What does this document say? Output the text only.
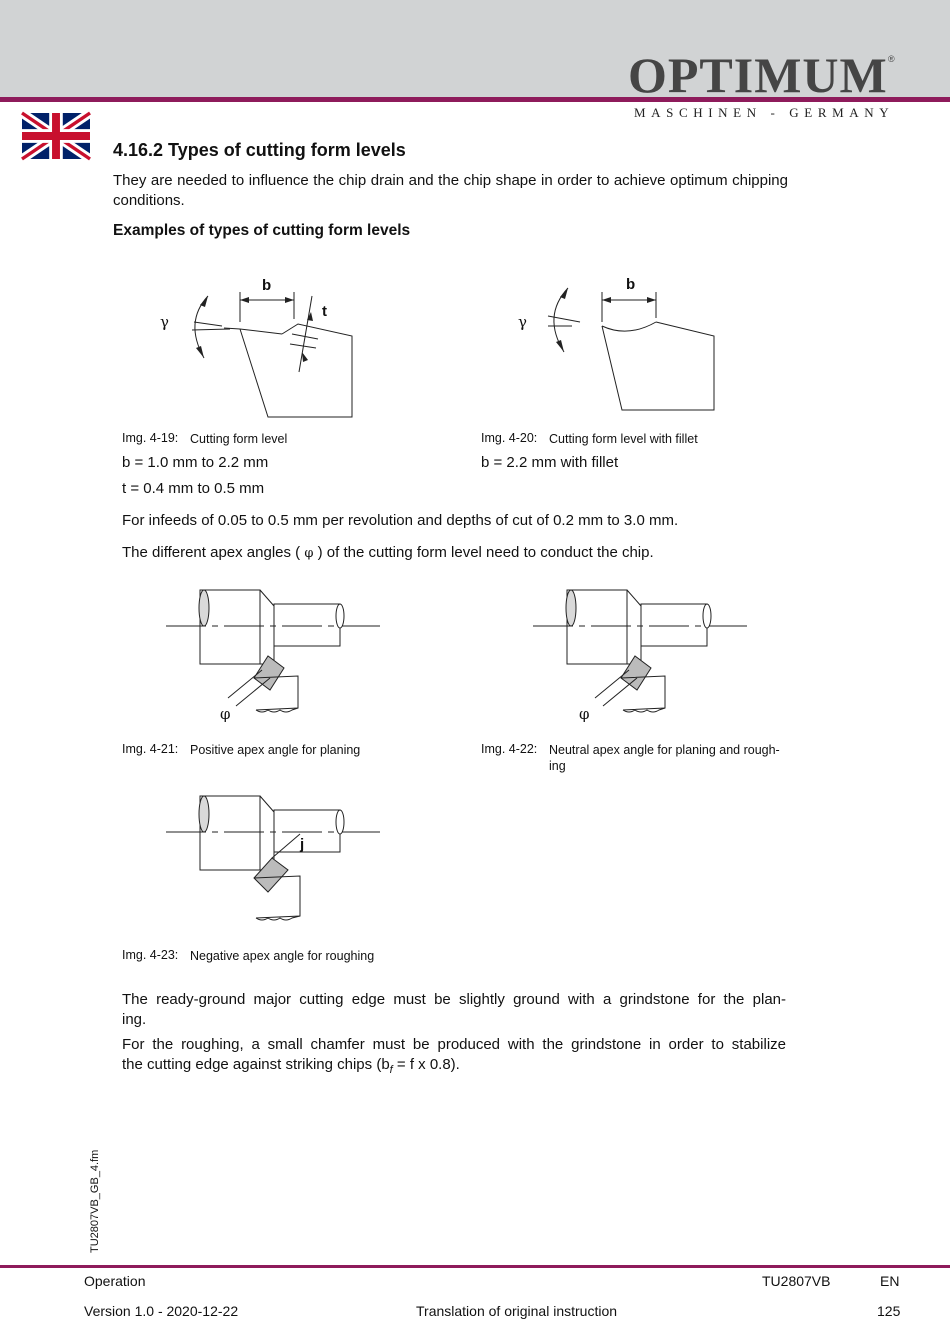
OPTIMUM ®
MASCHINEN - GERMANY
4.16.2 Types of cutting form levels
They are needed to influence the chip drain and the chip shape in order to achieve optimum chipping conditions.
Examples of types of cutting form levels
γ
b
t
γ
b
Img. 4-19: Cutting form level	Img. 4-20: Cutting form level with fillet
b = 1.0 mm to 2.2 mm	b = 2.2 mm with fillet
t = 0.4 mm to 0.5 mm
For infeeds of 0.05 to 0.5 mm per revolution and depths of cut of 0.2 mm to 3.0 mm.
The different apex angles ( φ ) of the cutting form level need to conduct the chip.
φ	φ
Img. 4-21: Positive apex angle for planing	Img. 4-22: Neutral apex angle for planing and rough-
ing
j
Img. 4-23: Negative apex angle for roughing
The ready-ground major cutting edge must be slightly ground with a grindstone for the plan-
ing.
For the roughing, a small chamfer must be produced with the grindstone in order to stabilize
the cutting edge against striking chips ($b_f = f$ x 0.8).
TU2807VB_GB_4.fm
Operation	TU2807VB	EN
Version 1.0 - 2020-12-22	Translation of original instruction	125
